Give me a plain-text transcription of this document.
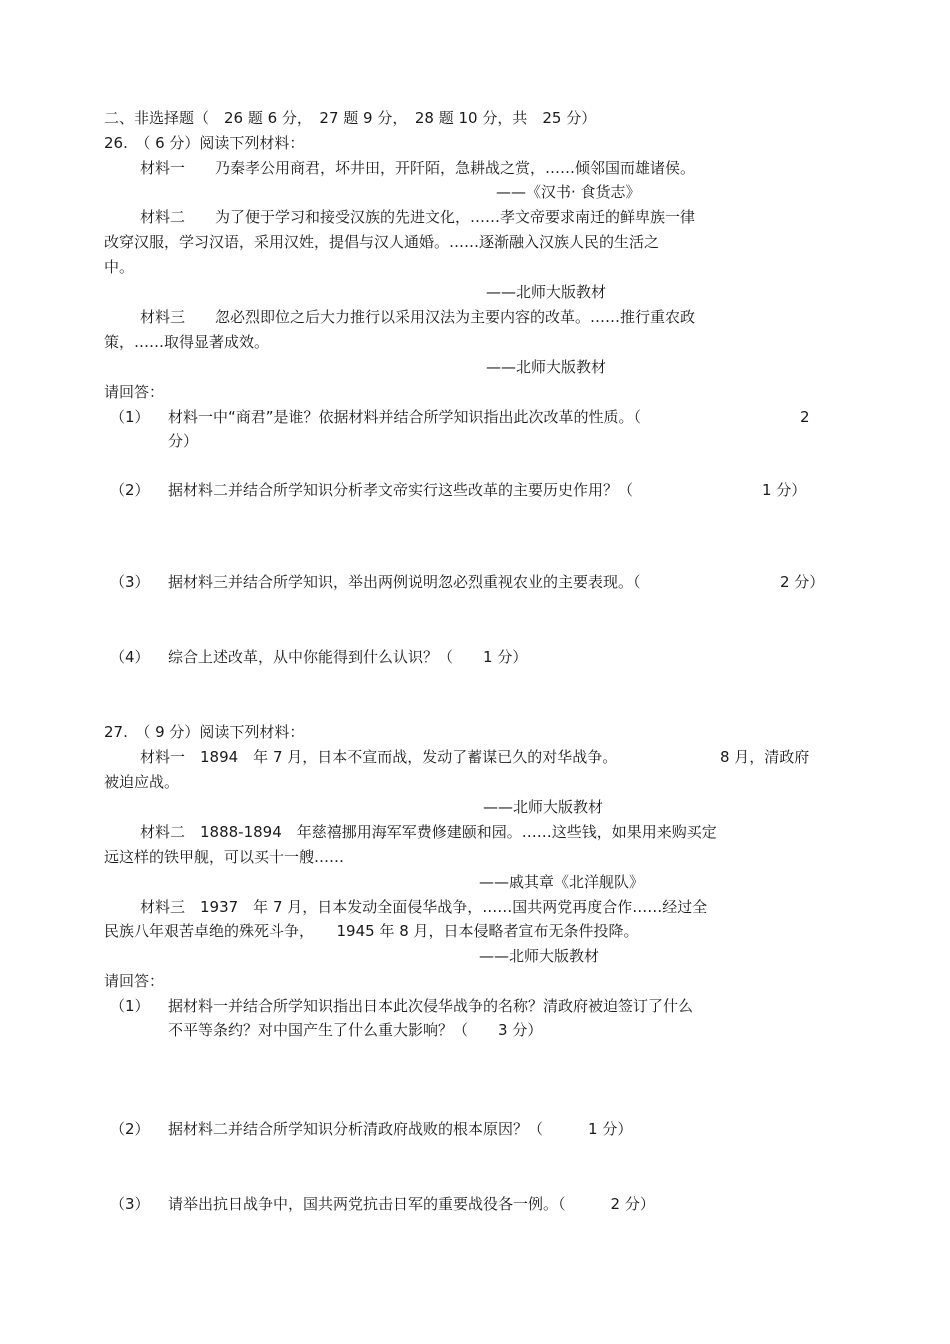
二、非选择题（　26 题 6 分，　27 题 9 分，　28 题 10 分，共　25 分）
26.　（ 6 分）阅读下列材料：
材料一　　乃秦孝公用商君，坏井田，开阡陌，急耕战之赏，……倾邻国而雄诸侯。
——《汉书· 食货志》
材料二　　为了便于学习和接受汉族的先进文化，……孝文帝要求南迁的鲜卑族一律
改穿汉服，学习汉语，采用汉姓，提倡与汉人通婚。……逐渐融入汉族人民的生活之
中。
——北师大版教材
材料三　　忽必烈即位之后大力推行以采用汉法为主要内容的改革。……推行重农政
策，……取得显著成效。
——北师大版教材
请回答：
（1） 材料一中“商君”是谁？依据材料并结合所学知识指出此次改革的性质。（	2
分）
（2） 据材料二并结合所学知识分析孝文帝实行这些改革的主要历史作用？（	1 分）
（3） 据材料三并结合所学知识，举出两例说明忽必烈重视农业的主要表现。（	2 分）
（4） 综合上述改革，从中你能得到什么认识？（　　1 分）
27.　（ 9 分）阅读下列材料：
材料一　1894　年 7 月，日本不宣而战，发动了蓄谋已久的对华战争。	8 月，清政府
被迫应战。
——北师大版教材
材料二　1888-1894　年慈禧挪用海军军费修建颐和园。……这些钱，如果用来购买定
远这样的铁甲舰，可以买十一艘……
——戚其章《北洋舰队》
材料三　1937　年 7 月，日本发动全面侵华战争，……国共两党再度合作……经过全
民族八年艰苦卓绝的殊死斗争，　　1945 年 8 月，日本侵略者宣布无条件投降。
——北师大版教材
请回答：
（1） 据材料一并结合所学知识指出日本此次侵华战争的名称？清政府被迫签订了什么
不平等条约？对中国产生了什么重大影响？（　　3 分）
（2） 据材料二并结合所学知识分析清政府战败的根本原因？（　　　1 分）
（3） 请举出抗日战争中，国共两党抗击日军的重要战役各一例。（　　　2 分）
